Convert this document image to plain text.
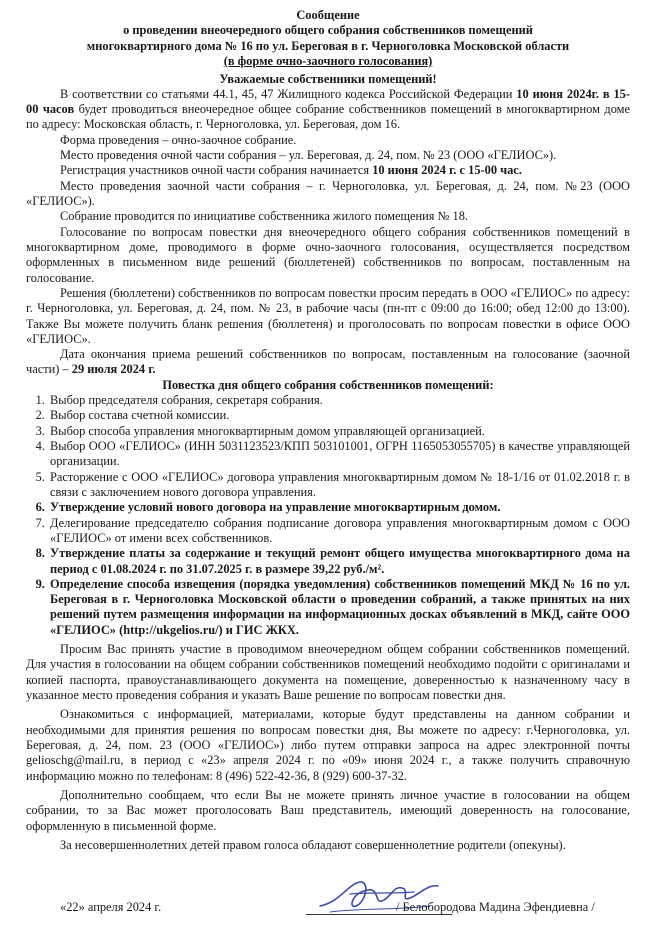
Сообщение
о проведении внеочередного общего собрания собственников помещений
многоквартирного дома № 16 по ул. Береговая в г. Черноголовка Московской области
(в форме очно-заочного голосования)
Уважаемые собственники помещений!

В соответствии со статьями 44.1, 45, 47 Жилищного кодекса Российской Федерации 10 июня 2024г. в 15-00 часов будет проводиться внеочередное общее собрание собственников помещений в многоквартирном доме по адресу: Московская область, г. Черноголовка, ул. Береговая, дом 16.

Форма проведения – очно-заочное собрание.

Место проведения очной части собрания – ул. Береговая, д. 24, пом. № 23 (ООО «ГЕЛИОС»).

Регистрация участников очной части собрания начинается 10 июня 2024 г. с 15-00 час.

Место проведения заочной части собрания – г. Черноголовка, ул. Береговая, д. 24, пом. №23 (ООО «ГЕЛИОС»).

Собрание проводится по инициативе собственника жилого помещения № 18.

Голосование по вопросам повестки дня внеочередного общего собрания собственников помещений в многоквартирном доме, проводимого в форме очно-заочного голосования, осуществляется посредством оформленных в письменном виде решений (бюллетеней) собственников по вопросам, поставленным на голосование.

Решения (бюллетени) собственников по вопросам повестки просим передать в ООО «ГЕЛИОС» по адресу: г. Черноголовка, ул. Береговая, д. 24, пом. № 23, в рабочие часы (пн-пт с 09:00 до 16:00; обед 12:00 до 13:00). Также Вы можете получить бланк решения (бюллетеня) и проголосовать по вопросам повестки в офисе ООО «ГЕЛИОС».

Дата окончания приема решений собственников по вопросам, поставленным на голосование (заочной части) – 29 июля 2024 г.

Повестка дня общего собрания собственников помещений:
1. Выбор председателя собрания, секретаря собрания.
2. Выбор состава счетной комиссии.
3. Выбор способа управления многоквартирным домом управляющей организацией.
4. Выбор ООО «ГЕЛИОС» (ИНН 5031123523/КПП 503101001, ОГРН 1165053055705) в качестве управляющей организации.
5. Расторжение с ООО «ГЕЛИОС» договора управления многоквартирным домом № 18-1/16 от 01.02.2018 г. в связи с заключением нового договора управления.
6. Утверждение условий нового договора на управление многоквартирным домом.
7. Делегирование председателю собрания подписание договора управления многоквартирным домом с ООО «ГЕЛИОС» от имени всех собственников.
8. Утверждение платы за содержание и текущий ремонт общего имущества многоквартирного дома на период с 01.08.2024 г. по 31.07.2025 г. в размере 39,22 руб./м².
9. Определение способа извещения (порядка уведомления) собственников помещений МКД № 16 по ул. Береговая в г. Черноголовка Московской области о проведении собраний, а также принятых на них решений путем размещения информации на информационных досках объявлений в МКД, сайте ООО «ГЕЛИОС» (http://ukgelios.ru/) и ГИС ЖКХ.

Просим Вас принять участие в проводимом внеочередном общем собрании собственников помещений. Для участия в голосовании на общем собрании собственников помещений необходимо подойти с оригиналами и копией паспорта, правоустанавливающего документа на помещение, доверенностью к назначенному часу в указанное место проведения собрания и указать Ваше решение по вопросам повестки дня.

Ознакомиться с информацией, материалами, которые будут представлены на данном собрании и необходимыми для принятия решения по вопросам повестки дня, Вы можете по адресу: г.Черноголовка, ул. Береговая, д. 24, пом. 23 (ООО «ГЕЛИОС») либо путем отправки запроса на адрес электронной почты gelioschg@mail.ru, в период с «23» апреля 2024 г. по «09» июня 2024 г., а также получить справочную информацию можно по телефонам: 8 (496) 522-42-36, 8 (929) 600-37-32.

Дополнительно сообщаем, что если Вы не можете принять личное участие в голосовании на общем собрании, то за Вас может проголосовать Ваш представитель, имеющий доверенность на голосование, оформленную в письменной форме.

За несовершеннолетних детей правом голоса обладают совершеннолетние родители (опекуны).

«22» апреля 2024 г.	/ Белобородова Мадина Эфендиевна /
